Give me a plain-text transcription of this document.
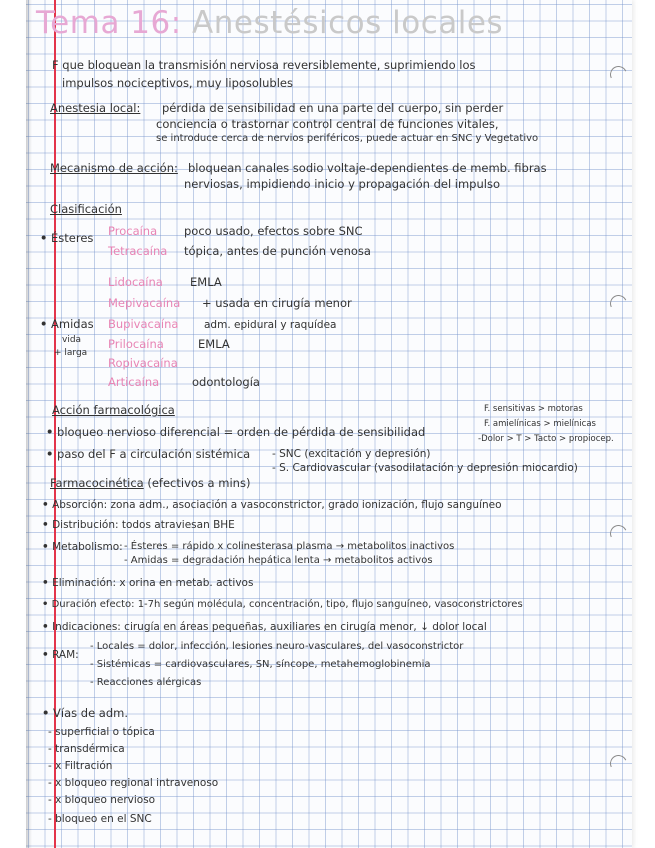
Tema 16: Anestésicos locales
F que bloquean la transmisión nerviosa reversiblemente, suprimiendo los
impulsos nociceptivos, muy liposolubles
Anestesia local: pérdida de sensibilidad en una parte del cuerpo, sin perder
conciencia o trastornar control central de funciones vitales,
se introduce cerca de nervios periféricos, puede actuar en SNC y Vegetativo
Mecanismo de acción: bloquean canales sodio voltaje-dependientes de memb. fibras
nerviosas, impidiendo inicio y propagación del impulso
Clasificación
• Ésteres Procaína poco usado, efectos sobre SNC
Tetracaína tópica, antes de punción venosa
Lidocaína EMLA
Mepivacaína + usada en cirugía menor
• Amidas
vida
+ larga
Bupivacaína adm. epidural y raquídea
Prilocaína	EMLA
Ropivacaína
Articaína	odontología
Acción farmacológica	F. sensitivas > motoras
F. amielínicas > mielínicas
-Dolor > T > Tacto > propiocep.
• bloqueo nervioso diferencial = orden de pérdida de sensibilidad
• paso del F a circulación sistémica - SNC (excitación y depresión)
- S. Cardiovascular (vasodilatación y depresión miocardio)
Farmacocinética (efectivos a mins)
• Absorción: zona adm., asociación a vasoconstrictor, grado ionización, flujo sanguíneo
• Distribución: todos atraviesan BHE
• Metabolismo: - Ésteres = rápido x colinesterasa plasma → metabolitos inactivos
- Amidas = degradación hepática lenta → metabolitos activos
• Eliminación: x orina en metab. activos
• Duración efecto: 1-7h según molécula, concentración, tipo, flujo sanguíneo, vasoconstrictores
• Indicaciones: cirugía en áreas pequeñas, auxiliares en cirugía menor, ↓ dolor local
• RAM:
- Locales = dolor, infección, lesiones neuro-vasculares, del vasoconstrictor
- Sistémicas = cardiovasculares, SN, síncope, metahemoglobinemia
- Reacciones alérgicas
• Vías de adm.
- superficial o tópica
- transdérmica
- x Filtración
- x bloqueo regional intravenoso
- x bloqueo nervioso
- bloqueo en el SNC
